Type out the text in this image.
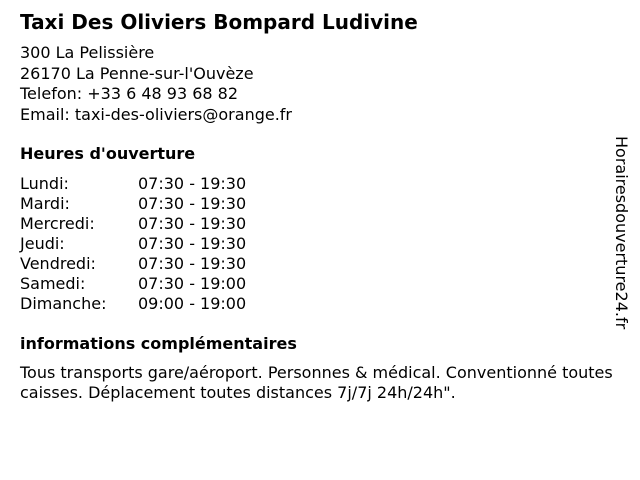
Taxi Des Oliviers Bompard Ludivine
300 La Pelissière
26170 La Penne-sur-l'Ouvèze
Telefon: +33 6 48 93 68 82
Email: taxi-des-oliviers@orange.fr
Heures d'ouverture
Lundi:	07:30 - 19:30
Mardi:	07:30 - 19:30
Mercredi:	07:30 - 19:30
Jeudi:	07:30 - 19:30
Vendredi:	07:30 - 19:30
Samedi:	07:30 - 19:00
Dimanche:	09:00 - 19:00
informations complémentaires
Tous transports gare/aéroport. Personnes & médical. Conventionné toutes caisses. Déplacement toutes distances 7j/7j 24h/24h".
Horairesdouverture24.fr
